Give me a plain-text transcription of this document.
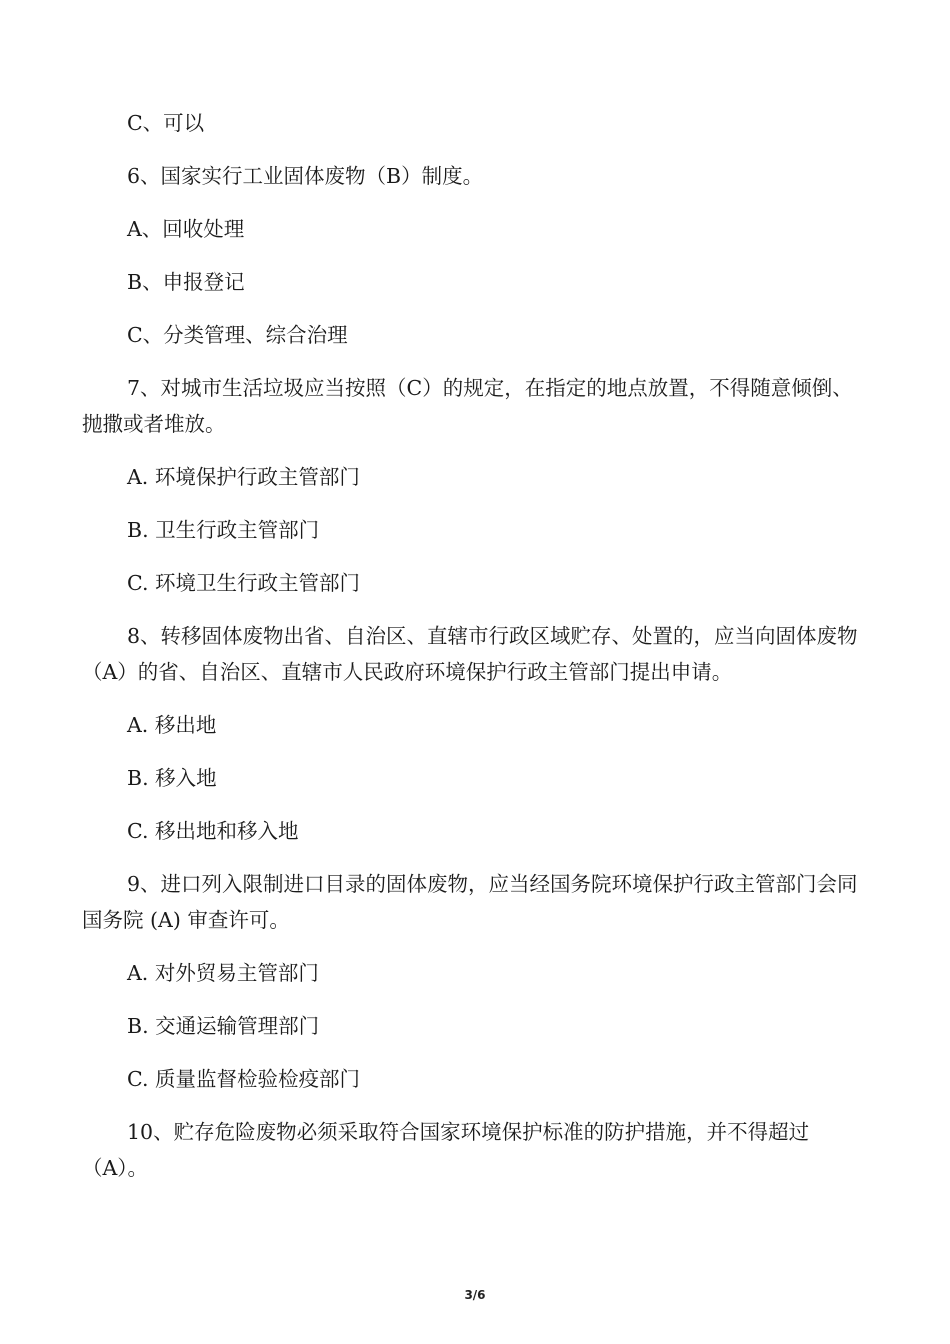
C、可以

6、国家实行工业固体废物（B）制度。

A、回收处理

B、申报登记

C、分类管理、综合治理

7、对城市生活垃圾应当按照（C）的规定，在指定的地点放置，不得随意倾倒、抛撒或者堆放。

A. 环境保护行政主管部门

B. 卫生行政主管部门

C. 环境卫生行政主管部门

8、转移固体废物出省、自治区、直辖市行政区域贮存、处置的，应当向固体废物（A）的省、自治区、直辖市人民政府环境保护行政主管部门提出申请。

A. 移出地

B. 移入地

C. 移出地和移入地

9、进口列入限制进口目录的固体废物，应当经国务院环境保护行政主管部门会同国务院 (A) 审查许可。

A. 对外贸易主管部门

B. 交通运输管理部门

C. 质量监督检验检疫部门

10、贮存危险废物必须采取符合国家环境保护标准的防护措施，并不得超过（A）。

3/6
